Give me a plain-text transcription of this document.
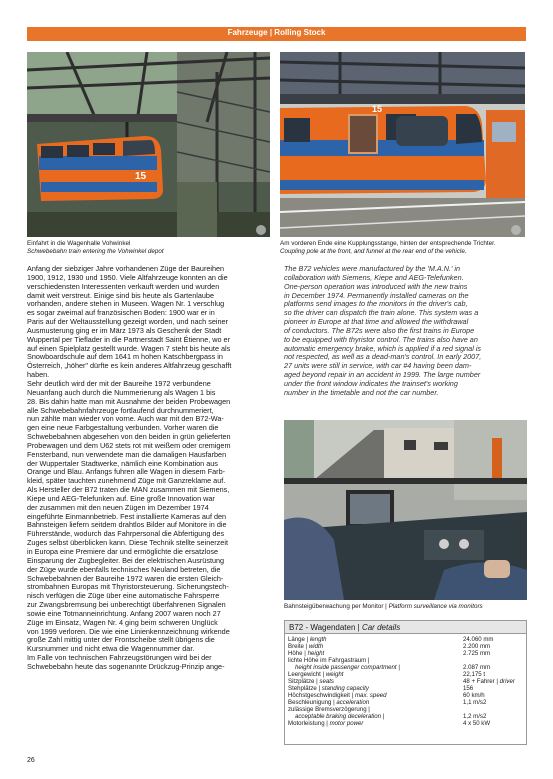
Fahrzeuge | Rolling Stock
15
Einfahrt in die Wagenhalle Vohwinkel
Schwebebahn train entering the Vohwinkel depot
15
Am vorderen Ende eine Kupplungsstange, hinten der entsprechende Trichter.
Coupling pole at the front, and funnel at the rear end of the vehicle.
Anfang der siebziger Jahre vorhandenen Züge der Baureihen
1900, 1912, 1930 und 1950. Viele Altfahrzeuge konnten an die
verschiedensten Interessenten verkauft werden und wurden
damit weit verstreut. Einige sind bis heute als Gartenlaube
vorhanden, andere stehen in Museen. Wagen Nr. 1 verschlug
es sogar zweimal auf französischen Boden: 1900 war er in
Paris auf der Weltausstellung gezeigt worden, und nach seiner
Ausmusterung ging er im März 1973 als Geschenk der Stadt
Wuppertal per Tieflader in die Partnerstadt Saint Étienne, wo er
auf einen Spielplatz gestellt wurde. Wagen 7 steht bis heute als
Snowboardschule auf dem 1641 m hohen Katschbergpass in
Österreich, „höher" dürfte es kein anderes Altfahrzeug geschafft
haben.
Sehr deutlich wird der mit der Baureihe 1972 verbundene
Neuanfang auch durch die Nummerierung als Wagen 1 bis
28. Bis dahin hatte man mit Ausnahme der beiden Probewagen
alle Schwebebahnfahrzeuge fortlaufend durchnummeriert,
nun zählte man wieder von vorne. Auch war mit den B72-Wa-
gen eine neue Farbgestaltung verbunden. Vorher waren die
Schwebebahnen abgesehen von den beiden in grün gelieferten
Probewagen und dem U62 stets rot mit weißem oder cremigem
Fensterband, nun verwendete man die damaligen Hausfarben
der Wuppertaler Stadtwerke, nämlich eine Kombination aus
Orange und Blau. Anfangs fuhren alle Wagen in diesem Farb-
kleid, später tauchten zunehmend Züge mit Ganzreklame auf.
Als Hersteller der B72 traten die MAN zusammen mit Siemens,
Kiepe und AEG-Telefunken auf. Eine große Innovation war
der zusammen mit den neuen Zügen im Dezember 1974
eingeführte Einmannbetrieb. Fest installierte Kameras auf den
Bahnsteigen liefern seitdem drahtlos Bilder auf Monitore in die
Führerstände, wodurch das Fahrpersonal die Abfertigung des
Zuges selbst überblicken kann. Diese Technik stellte seinerzeit
in Europa eine Premiere dar und ermöglichte die ersatzlose
Einsparung der Zugbegleiter. Bei der elektrischen Ausrüstung
der Züge wurde ebenfalls technisches Neuland betreten, die
Schwebebahnen der Baureihe 1972 waren die ersten Gleich-
strombahnen Europas mit Thyristorsteuerung. Sicherungstech-
nisch verfügen die Züge über eine automatische Fahrsperre
zur Zwangsbremsung bei unberechtigt überfahrenen Signalen
sowie eine Totmanneinrichtung. Anfang 2007 waren noch 27
Züge im Einsatz, Wagen Nr. 4 ging beim schweren Unglück
von 1999 verloren. Die wie eine Linienkennzeichnung wirkende
große Zahl mittig unter der Frontscheibe stellt übrigens die
Kursnummer und nicht etwa die Wagennummer dar.
Im Falle von technischen Fahrzeugstörungen wird bei der
Schwebebahn heute das sogenannte Drückzug-Prinzip ange-
The B72 vehicles were manufactured by the 'M.A.N.' in
collaboration with Siemens, Kiepe and AEG-Telefunken.
One-person operation was introduced with the new trains
in December 1974. Permanently installed cameras on the
platforms send images to the monitors in the driver's cab,
so the driver can dispatch the train alone. This system was a
pioneer in Europe at that time and allowed the withdrawal
of conductors. The B72s were also the first trains in Europe
to be equipped with thyristor control. The trains also have an
automatic emergency brake, which is applied if a red signal is
not respected, as well as a dead-man's control. In early 2007,
27 units were still in service, with car #4 having been dam-
aged beyond repair in an accident in 1999. The large number
under the front window indicates the trainset's working
number in the timetable and not the car number.
Bahnsteigüberwachung per Monitor | Platform surveillance via monitors
B72 - Wagendaten | Car details
Länge | length	24.060 mm
Breite | width	2.200 mm
Höhe | height	2.725 mm
lichte Höhe im Fahrgastraum |	
height inside passenger compartment |	2.087 mm
Leergewicht | weight	22,175 t
Sitzplätze | seats	48 + Fahrer | driver
Stehplätze | standing capacity	156
Höchstgeschwindigkeit | max. speed	60 km/h
Beschleunigung | acceleration	1,1 m/s2
zulässige Bremsverzögerung |	
acceptable braking deceleration |	1,2 m/s2
Motorleistung | motor power	4 x 50 kW
26
